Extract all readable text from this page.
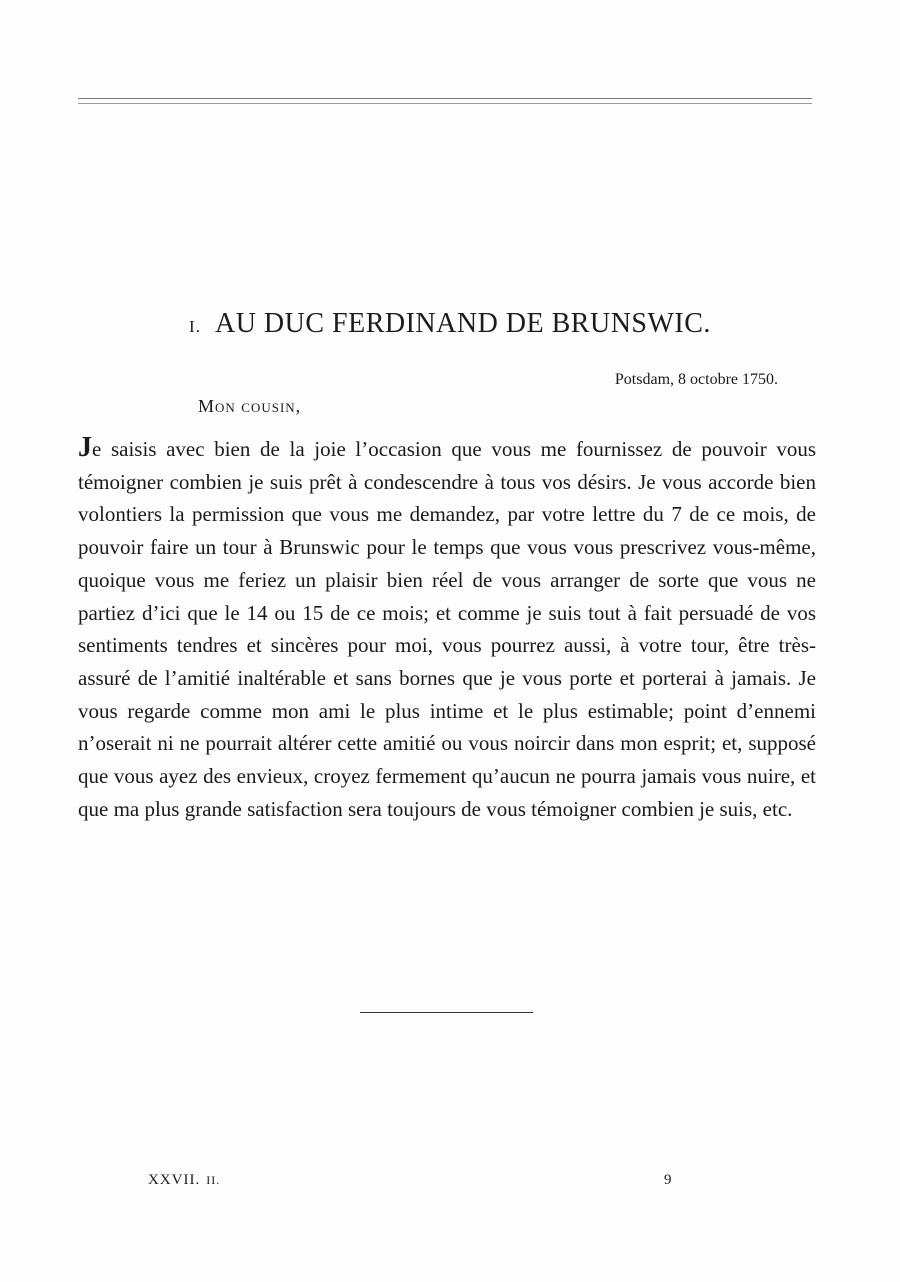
I. AU DUC FERDINAND DE BRUNSWIC.
Potsdam, 8 octobre 1750.
Mon cousin,

Je saisis avec bien de la joie l’occasion que vous me fournissez de pouvoir vous témoigner combien je suis prêt à condescendre à tous vos désirs. Je vous accorde bien volontiers la permission que vous me demandez, par votre lettre du 7 de ce mois, de pouvoir faire un tour à Brunswic pour le temps que vous vous prescrivez vous-même, quoique vous me feriez un plaisir bien réel de vous arranger de sorte que vous ne partiez d’ici que le 14 ou 15 de ce mois; et comme je suis tout à fait persuadé de vos sentiments tendres et sincères pour moi, vous pourrez aussi, à votre tour, être très-assuré de l’amitié inaltérable et sans bornes que je vous porte et porterai à jamais. Je vous regarde comme mon ami le plus intime et le plus estimable; point d’ennemi n’oserait ni ne pourrait altérer cette amitié ou vous noircir dans mon esprit; et, supposé que vous ayez des envieux, croyez fermement qu’aucun ne pourra jamais vous nuire, et que ma plus grande satisfaction sera toujours de vous témoigner combien je suis, etc.

XXVII. II.	9
